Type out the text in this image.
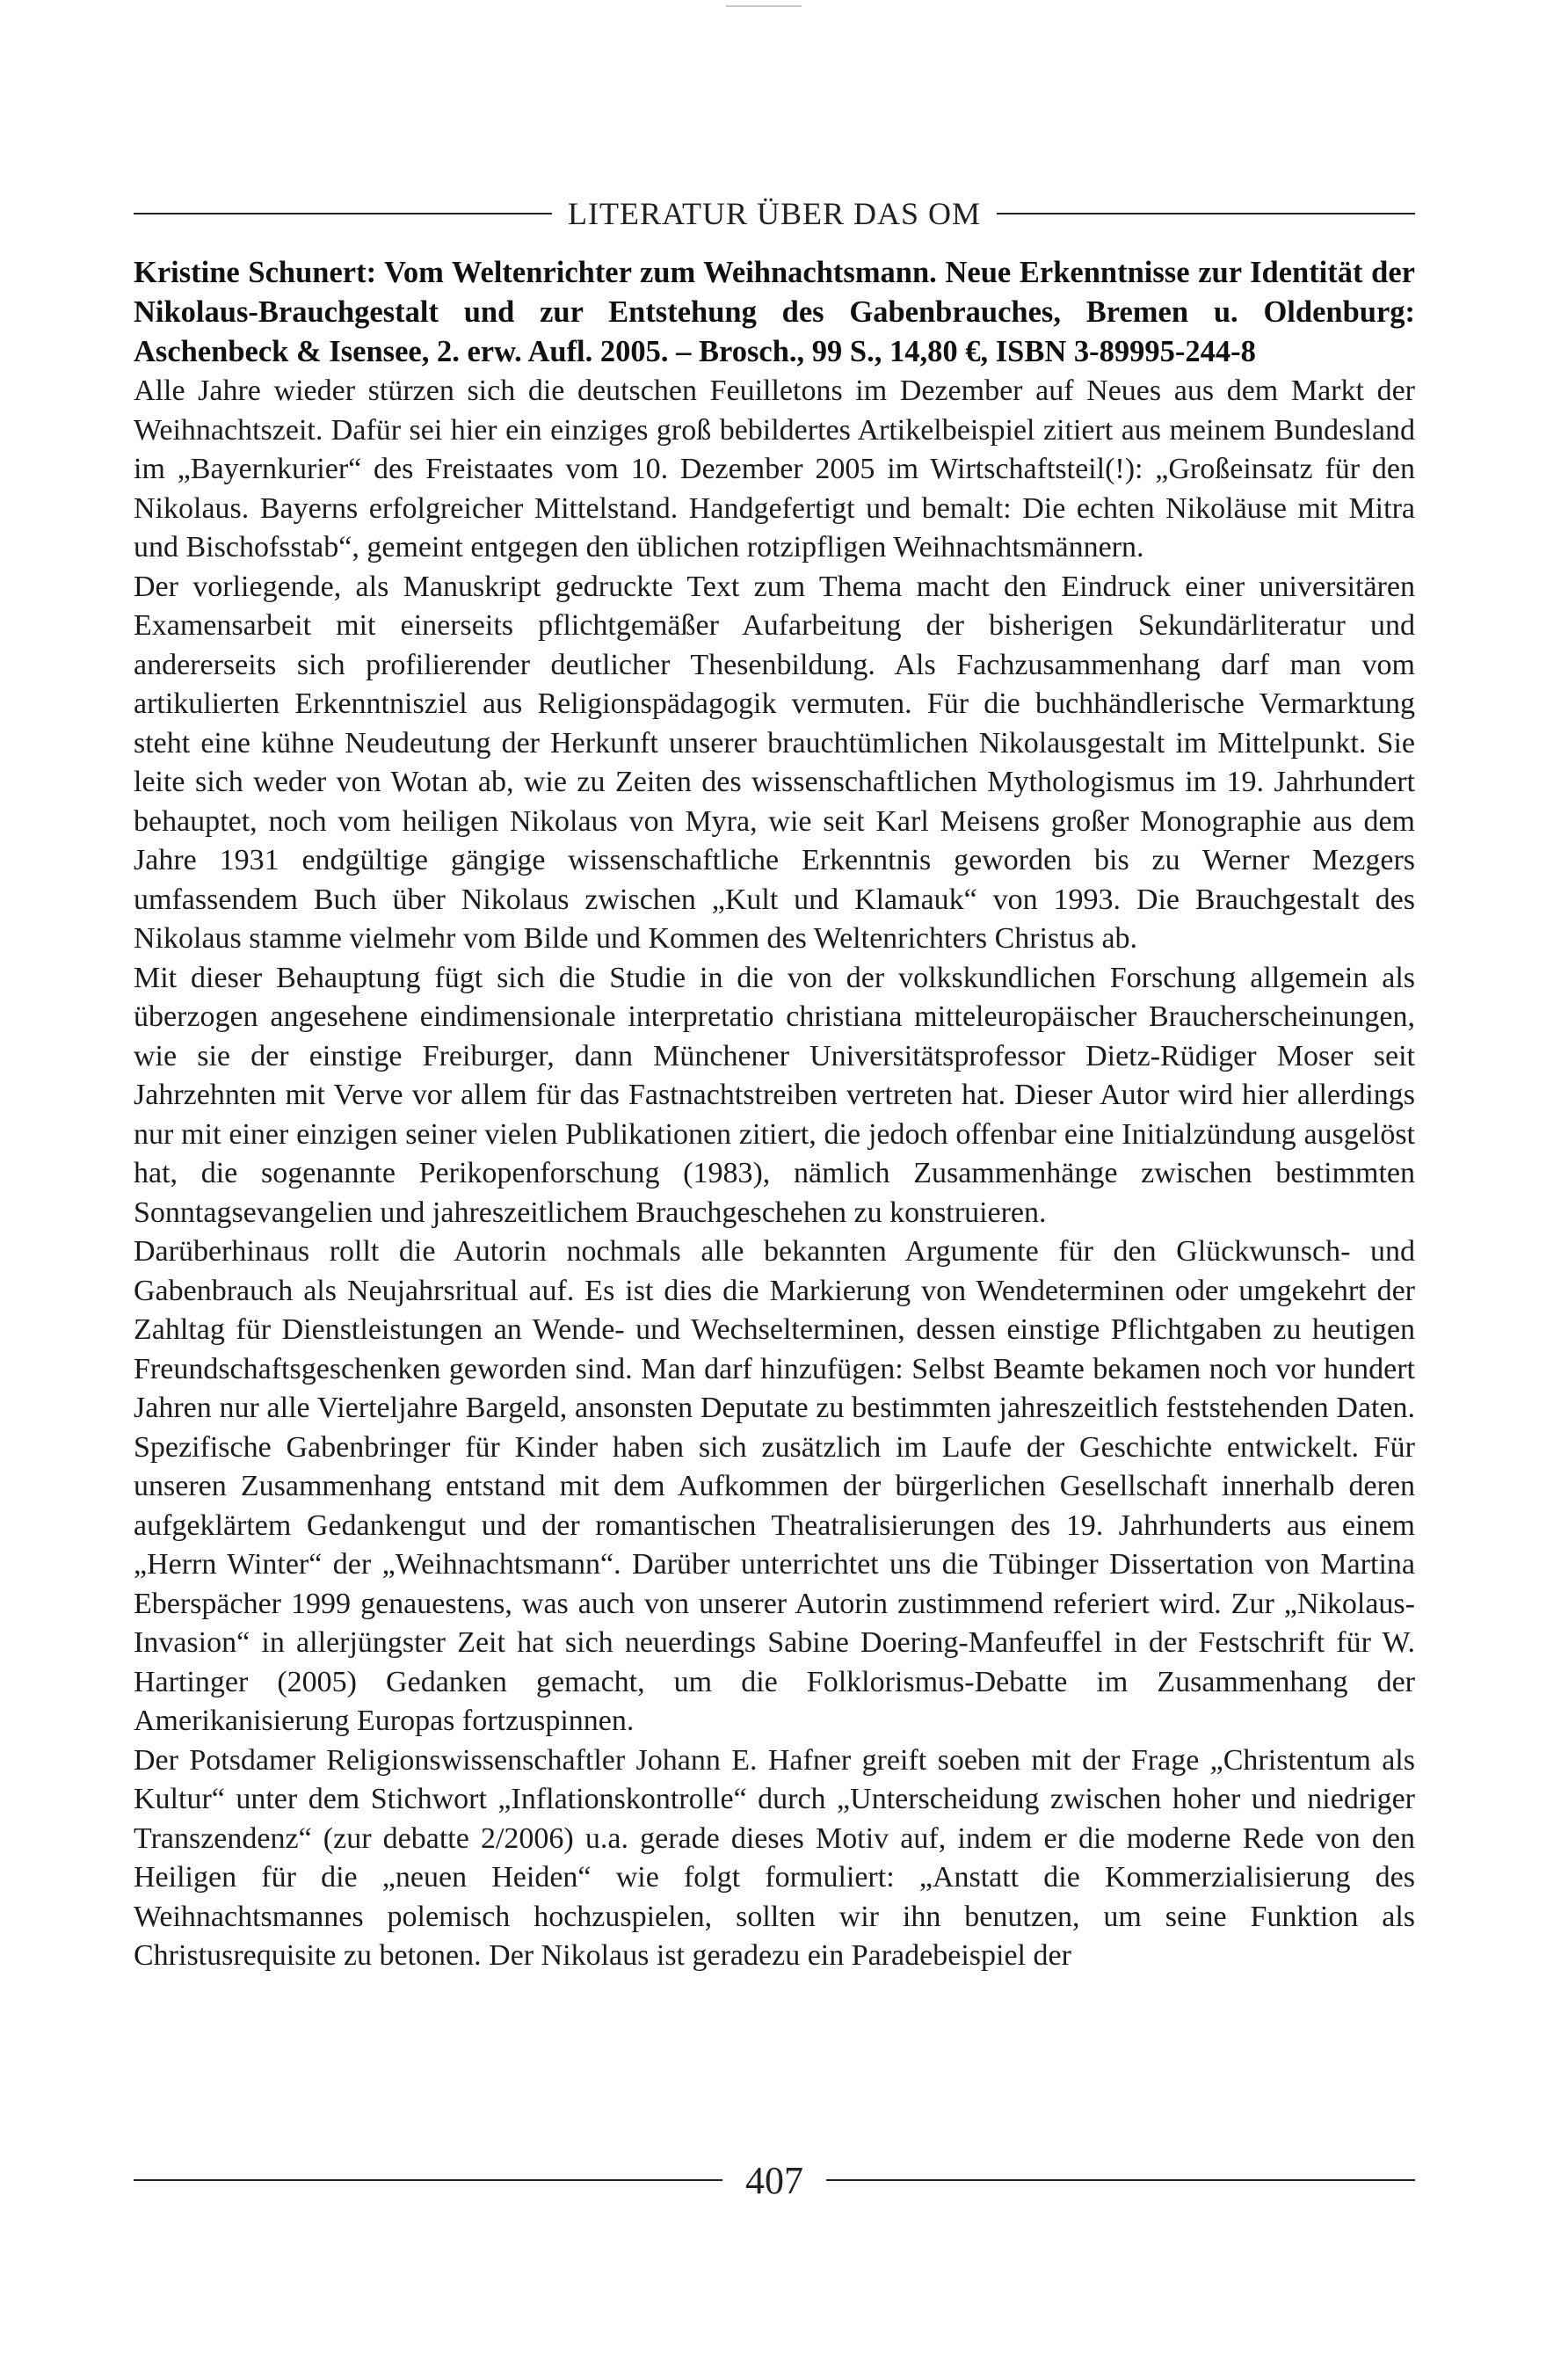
LITERATUR ÜBER DAS OM

Kristine Schunert: Vom Weltenrichter zum Weihnachtsmann. Neue Erkenntnisse zur Identität der Nikolaus-Brauchgestalt und zur Entstehung des Gabenbrauches, Bremen u. Oldenburg: Aschenbeck & Isensee, 2. erw. Aufl. 2005. – Brosch., 99 S., 14,80 €, ISBN 3-89995-244-8

Alle Jahre wieder stürzen sich die deutschen Feuilletons im Dezember auf Neues aus dem Markt der Weihnachtszeit. Dafür sei hier ein einziges groß bebildertes Artikelbeispiel zitiert aus meinem Bundesland im „Bayernkurier“ des Freistaates vom 10. Dezember 2005 im Wirtschaftsteil(!): „Großeinsatz für den Nikolaus. Bayerns erfolgreicher Mittelstand. Handgefertigt und bemalt: Die echten Nikoläuse mit Mitra und Bischofsstab“, gemeint entgegen den üblichen rotzipfligen Weihnachtsmännern.

Der vorliegende, als Manuskript gedruckte Text zum Thema macht den Eindruck einer universitären Examensarbeit mit einerseits pflichtgemäßer Aufarbeitung der bisherigen Sekundärliteratur und andererseits sich profilierender deutlicher Thesenbildung. Als Fachzusammenhang darf man vom artikulierten Erkenntnisziel aus Religionspädagogik vermuten. Für die buchhändlerische Vermarktung steht eine kühne Neudeutung der Herkunft unserer brauchtümlichen Nikolausgestalt im Mittelpunkt. Sie leite sich weder von Wotan ab, wie zu Zeiten des wissenschaftlichen Mythologismus im 19. Jahrhundert behauptet, noch vom heiligen Nikolaus von Myra, wie seit Karl Meisens großer Monographie aus dem Jahre 1931 endgültige gängige wissenschaftliche Erkenntnis geworden bis zu Werner Mezgers umfassendem Buch über Nikolaus zwischen „Kult und Klamauk“ von 1993. Die Brauchgestalt des Nikolaus stamme vielmehr vom Bilde und Kommen des Weltenrichters Christus ab.

Mit dieser Behauptung fügt sich die Studie in die von der volkskundlichen Forschung allgemein als überzogen angesehene eindimensionale interpretatio christiana mitteleuropäischer Braucherscheinungen, wie sie der einstige Freiburger, dann Münchener Universitätsprofessor Dietz-Rüdiger Moser seit Jahrzehnten mit Verve vor allem für das Fastnachtstreiben vertreten hat. Dieser Autor wird hier allerdings nur mit einer einzigen seiner vielen Publikationen zitiert, die jedoch offenbar eine Initialzündung ausgelöst hat, die sogenannte Perikopenforschung (1983), nämlich Zusammenhänge zwischen bestimmten Sonntagsevangelien und jahreszeitlichem Brauchgeschehen zu konstruieren.

Darüberhinaus rollt die Autorin nochmals alle bekannten Argumente für den Glückwunsch- und Gabenbrauch als Neujahrsritual auf. Es ist dies die Markierung von Wendeterminen oder umgekehrt der Zahltag für Dienstleistungen an Wende- und Wechselterminen, dessen einstige Pflichtgaben zu heutigen Freundschaftsgeschenken geworden sind. Man darf hinzufügen: Selbst Beamte bekamen noch vor hundert Jahren nur alle Vierteljahre Bargeld, ansonsten Deputate zu bestimmten jahreszeitlich feststehenden Daten. Spezifische Gabenbringer für Kinder haben sich zusätzlich im Laufe der Geschichte entwickelt. Für unseren Zusammenhang entstand mit dem Aufkommen der bürgerlichen Gesellschaft innerhalb deren aufgeklärtem Gedankengut und der romantischen Theatralisierungen des 19. Jahrhunderts aus einem „Herrn Winter“ der „Weihnachtsmann“. Darüber unterrichtet uns die Tübinger Dissertation von Martina Eberspächer 1999 genauestens, was auch von unserer Autorin zustimmend referiert wird. Zur „Nikolaus-Invasion“ in allerjüngster Zeit hat sich neuerdings Sabine Doering-Manfeuffel in der Festschrift für W. Hartinger (2005) Gedanken gemacht, um die Folklorismus-Debatte im Zusammenhang der Amerikanisierung Europas fortzuspinnen.

Der Potsdamer Religionswissenschaftler Johann E. Hafner greift soeben mit der Frage „Christentum als Kultur“ unter dem Stichwort „Inflationskontrolle“ durch „Unterscheidung zwischen hoher und niedriger Transzendenz“ (zur debatte 2/2006) u.a. gerade dieses Motiv auf, indem er die moderne Rede von den Heiligen für die „neuen Heiden“ wie folgt formuliert: „Anstatt die Kommerzialisierung des Weihnachtsmannes polemisch hochzuspielen, sollten wir ihn benutzen, um seine Funktion als Christusrequisite zu betonen. Der Nikolaus ist geradezu ein Paradebeispiel der

407
